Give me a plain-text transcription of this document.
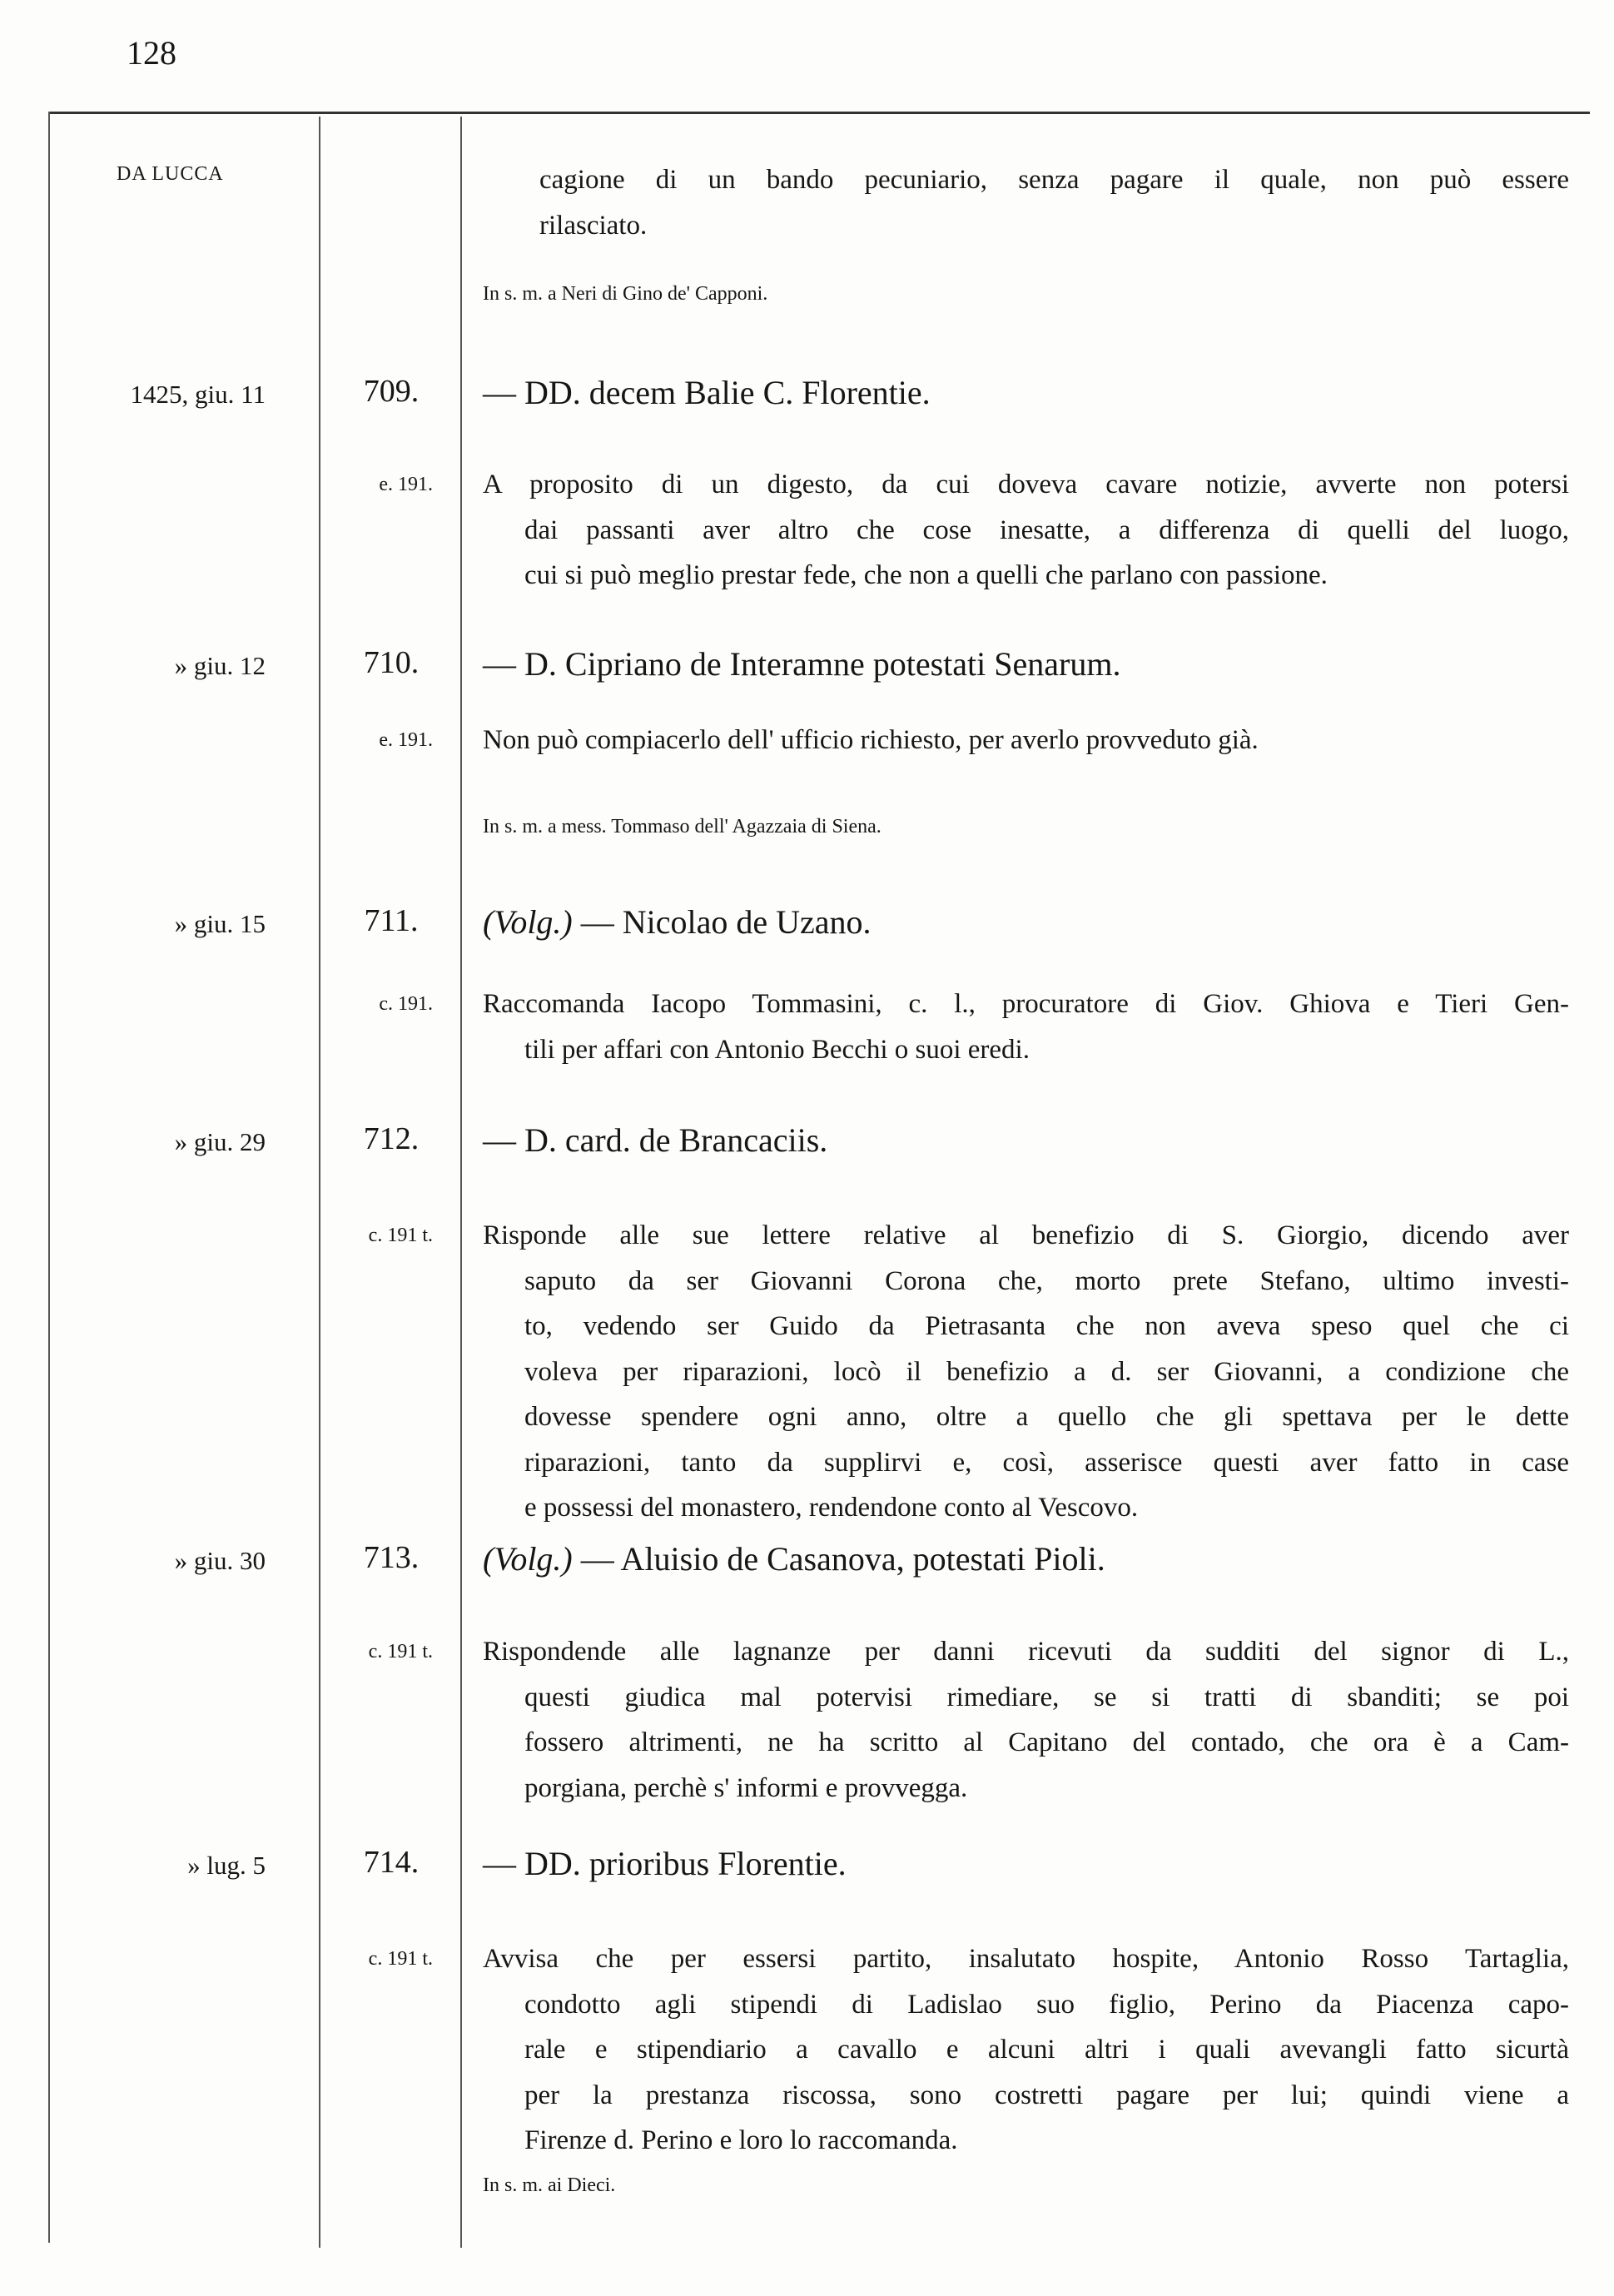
128
DA LUCCA	cagione di un bando pecuniario, senza pagare il quale, non può essere
rilasciato.
In s. m. a Neri di Gino de' Capponi.
1425, giu. 11	709.	— DD. decem Balie C. Florentie.
e. 191. A proposito di un digesto, da cui doveva cavare notizie, avverte non potersi
dai passanti aver altro che cose inesatte, a differenza di quelli del luogo,
cui si può meglio prestar fede, che non a quelli che parlano con passione.
» giu. 12	710.	— D. Cipriano de Interamne potestati Senarum.
e. 191. Non può compiacerlo dell' ufficio richiesto, per averlo provveduto già.
In s. m. a mess. Tommaso dell' Agazzaia di Siena.
» giu. 15	711.	(Volg.) — Nicolao de Uzano.
c. 191. Raccomanda Iacopo Tommasini, c. l., procuratore di Giov. Ghiova e Tieri Gen-
tili per affari con Antonio Becchi o suoi eredi.
» giu. 29	712.	— D. card. de Brancaciis.
c. 191 t. Risponde alle sue lettere relative al benefizio di S. Giorgio, dicendo aver
saputo da ser Giovanni Corona che, morto prete Stefano, ultimo investi-
to, vedendo ser Guido da Pietrasanta che non aveva speso quel che ci
voleva per riparazioni, locò il benefizio a d. ser Giovanni, a condizione che
dovesse spendere ogni anno, oltre a quello che gli spettava per le dette
riparazioni, tanto da supplirvi e, così, asserisce questi aver fatto in case
e possessi del monastero, rendendone conto al Vescovo.
» giu. 30	713.	(Volg.) — Aluisio de Casanova, potestati Pioli.
c. 191 t. Rispondende alle lagnanze per danni ricevuti da sudditi del signor di L.,
questi giudica mal potervisi rimediare, se si tratti di sbanditi; se poi
fossero altrimenti, ne ha scritto al Capitano del contado, che ora è a Cam-
porgiana, perchè s' informi e provvegga.
» lug. 5	714.	— DD. prioribus Florentie.
c. 191 t. Avvisa che per essersi partito, insalutato hospite, Antonio Rosso Tartaglia,
condotto agli stipendi di Ladislao suo figlio, Perino da Piacenza capo-
rale e stipendiario a cavallo e alcuni altri i quali avevangli fatto sicurtà
per la prestanza riscossa, sono costretti pagare per lui; quindi viene a
Firenze d. Perino e loro lo raccomanda.
In s. m. ai Dieci.
